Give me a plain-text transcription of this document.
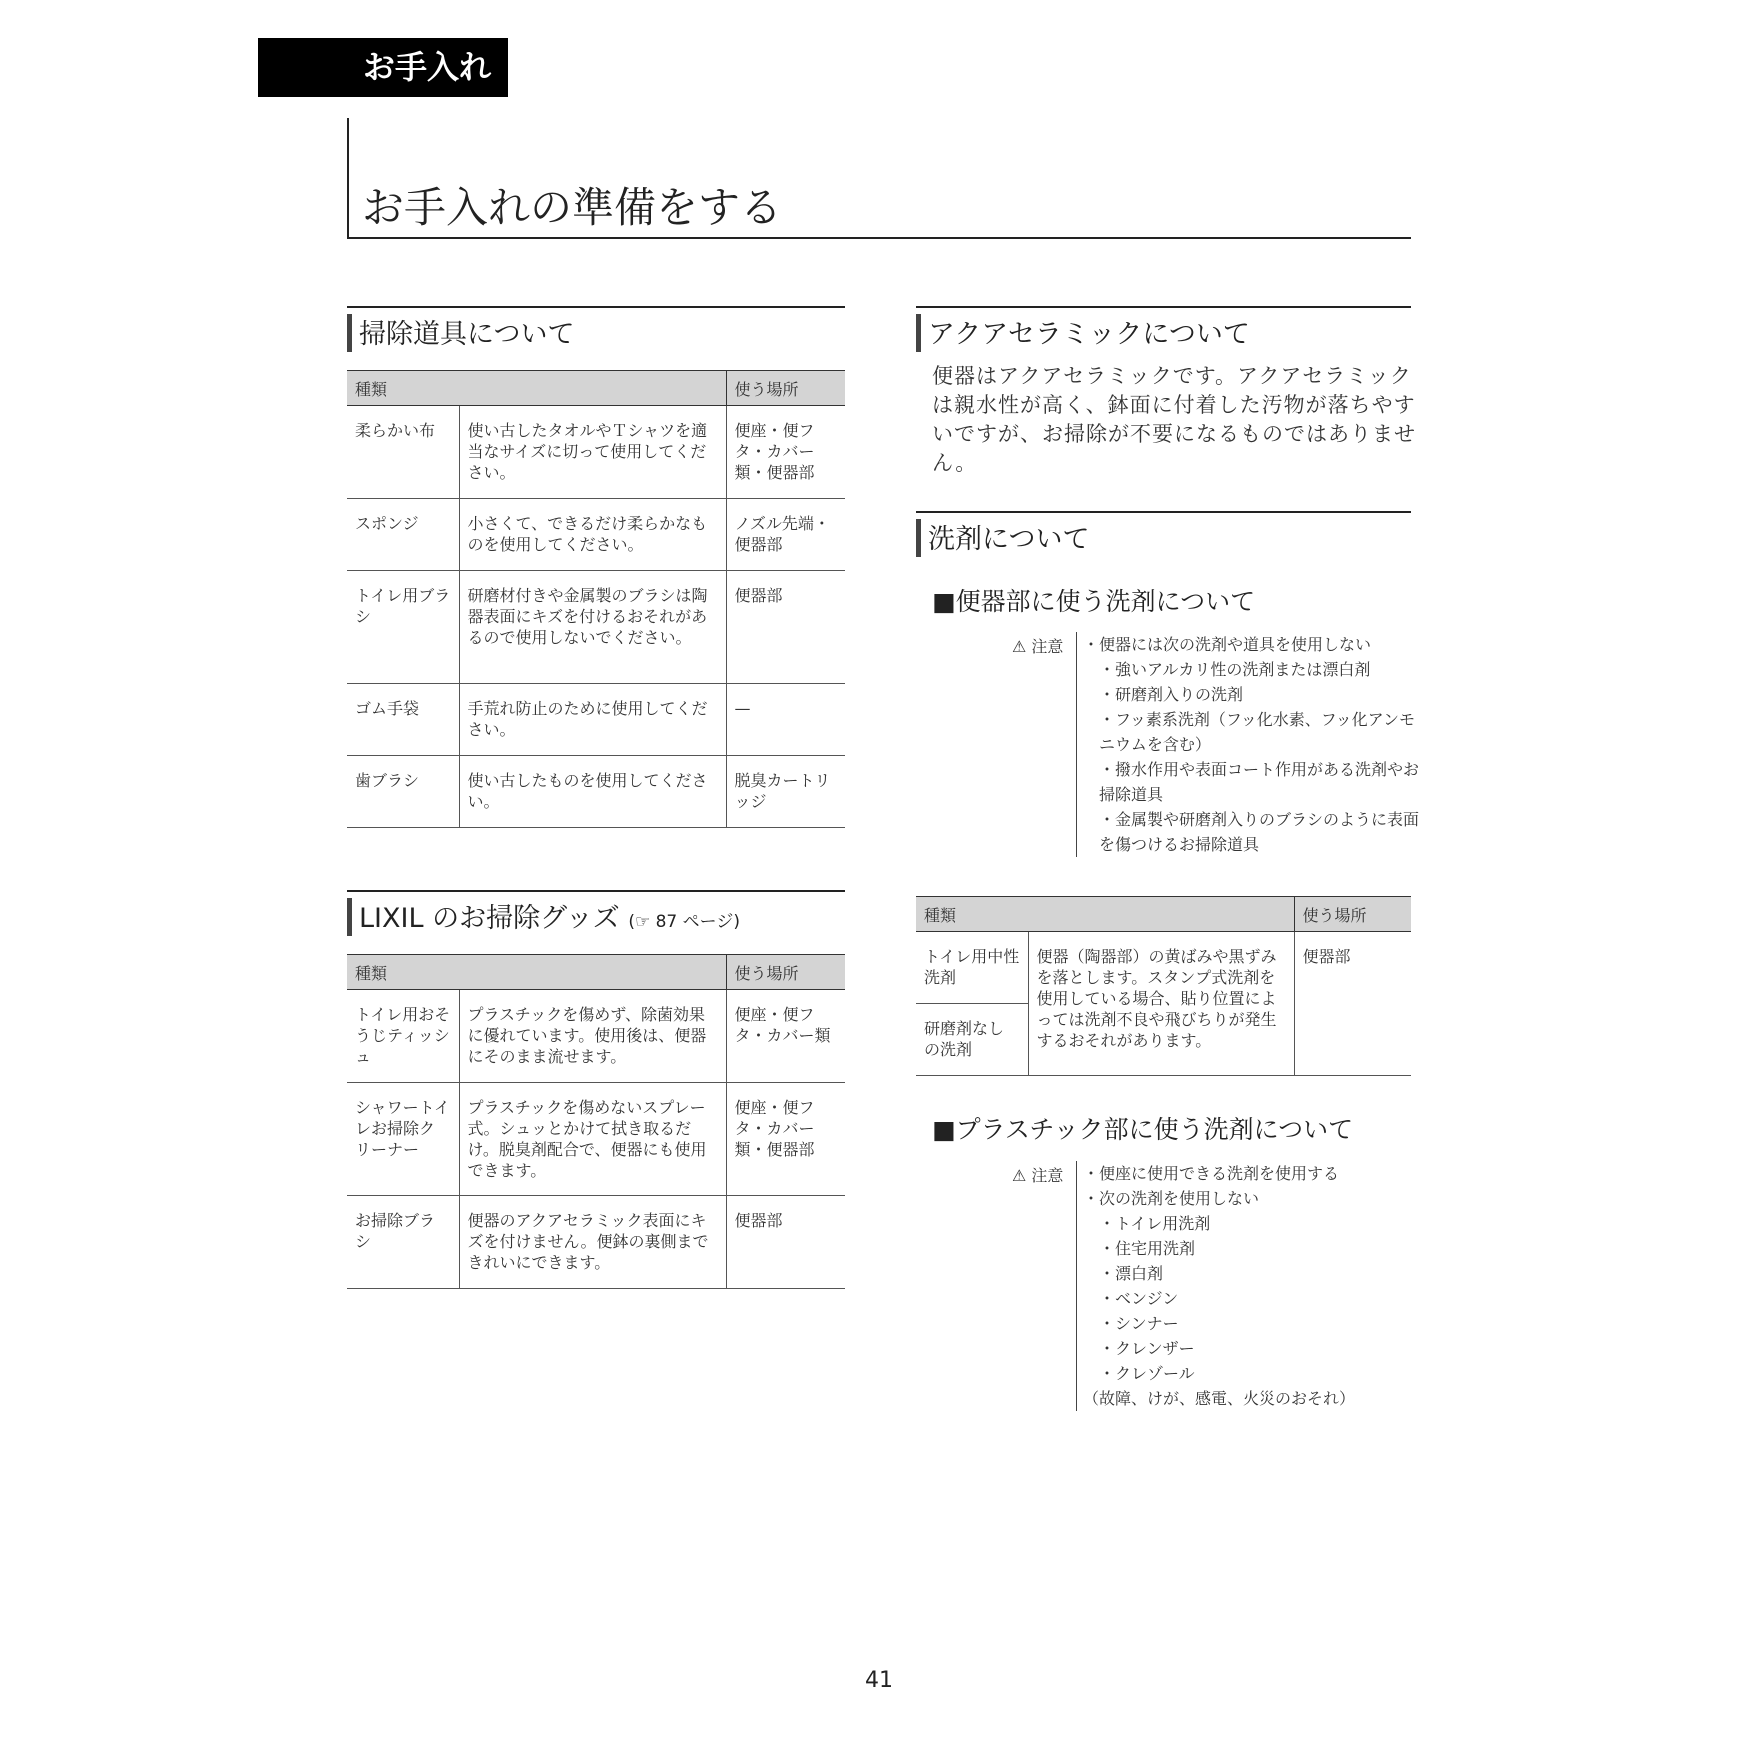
お手入れ
お手入れの準備をする
掃除道具について
種類		使う場所
柔らかい布	使い古したタオルやＴシャツを適当なサイズに切って使用してください。	便座・便フタ・カバー類・便器部
スポンジ	小さくて、できるだけ柔らかなものを使用してください。	ノズル先端・便器部
トイレ用ブラシ	研磨材付きや金属製のブラシは陶器表面にキズを付けるおそれがあるので使用しないでください。	便器部
ゴム手袋	手荒れ防止のために使用してください。	—
歯ブラシ	使い古したものを使用してください。	脱臭カートリッジ
LIXIL のお掃除グッズ (☞ 87 ページ)
種類		使う場所
トイレ用おそうじティッシュ	プラスチックを傷めず、除菌効果に優れています。使用後は、便器にそのまま流せます。	便座・便フタ・カバー類
シャワートイレお掃除クリーナー	プラスチックを傷めないスプレー式。シュッとかけて拭き取るだけ。脱臭剤配合で、便器にも使用できます。	便座・便フタ・カバー類・便器部
お掃除ブラシ	便器のアクアセラミック表面にキズを付けません。便鉢の裏側まできれいにできます。	便器部
アクアセラミックについて
便器はアクアセラミックです。アクアセラミックは親水性が高く、鉢面に付着した汚物が落ちやすいですが、お掃除が不要になるものではありません。
洗剤について
■便器部に使う洗剤について
⚠ 注意 ・便器には次の洗剤や道具を使用しない
・強いアルカリ性の洗剤または漂白剤
・研磨剤入りの洗剤
・フッ素系洗剤（フッ化水素、フッ化アンモニウムを含む）
・撥水作用や表面コート作用がある洗剤やお掃除道具
・金属製や研磨剤入りのブラシのように表面を傷つけるお掃除道具
種類		使う場所
トイレ用中性洗剤	便器（陶器部）の黄ばみや黒ずみを落とします。スタンプ式洗剤を使用している場合、貼り位置によっては洗剤不良や飛びちりが発生するおそれがあります。	便器部
研磨剤なしの洗剤		
■プラスチック部に使う洗剤について
⚠ 注意 ・便座に使用できる洗剤を使用する
・次の洗剤を使用しない
・トイレ用洗剤
・住宅用洗剤
・漂白剤
・ベンジン
・シンナー
・クレンザー
・クレゾール
（故障、けが、感電、火災のおそれ）
41
